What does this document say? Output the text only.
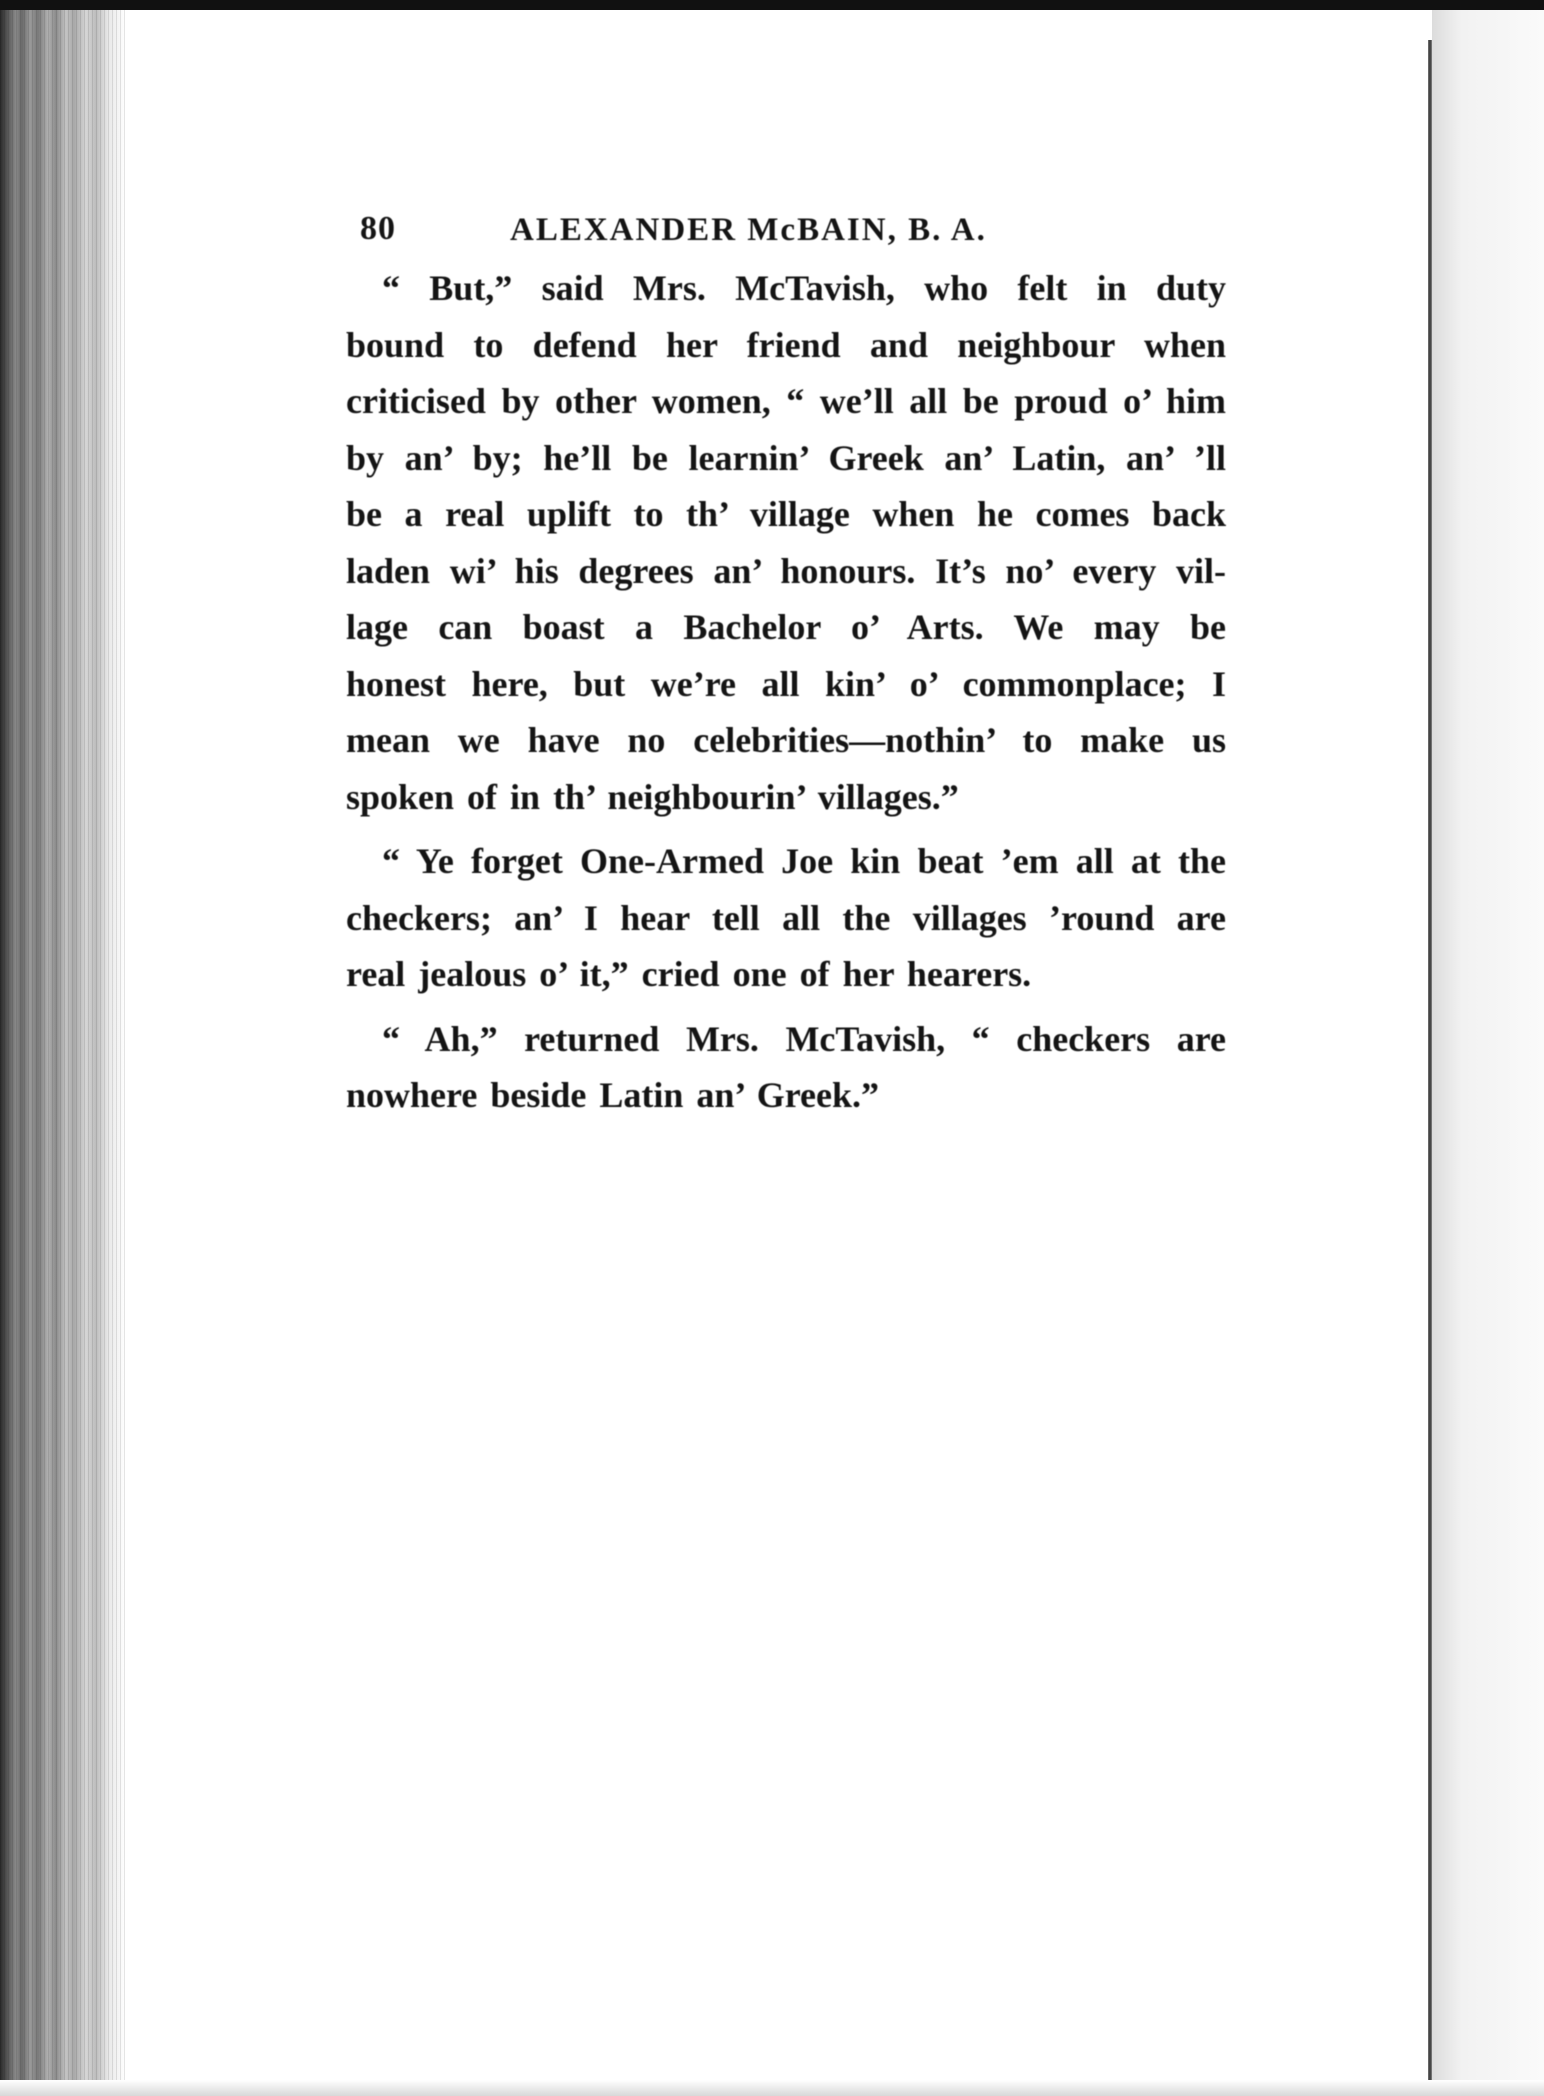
80	ALEXANDER McBAIN, B. A.

“ But,” said Mrs. McTavish, who felt in duty
bound to defend her friend and neighbour when
criticised by other women, “ we’ll all be proud o’ him
by an’ by; he’ll be learnin’ Greek an’ Latin, an’ ’ll
be a real uplift to th’ village when he comes back
laden wi’ his degrees an’ honours. It’s no’ every vil-
lage can boast a Bachelor o’ Arts. We may be
honest here, but we’re all kin’ o’ commonplace; I
mean we have no celebrities—nothin’ to make us
spoken of in th’ neighbourin’ villages.”

“ Ye forget One-Armed Joe kin beat ’em all at the
checkers; an’ I hear tell all the villages ’round are
real jealous o’ it,” cried one of her hearers.

“ Ah,” returned Mrs. McTavish, “ checkers are
nowhere beside Latin an’ Greek.”
